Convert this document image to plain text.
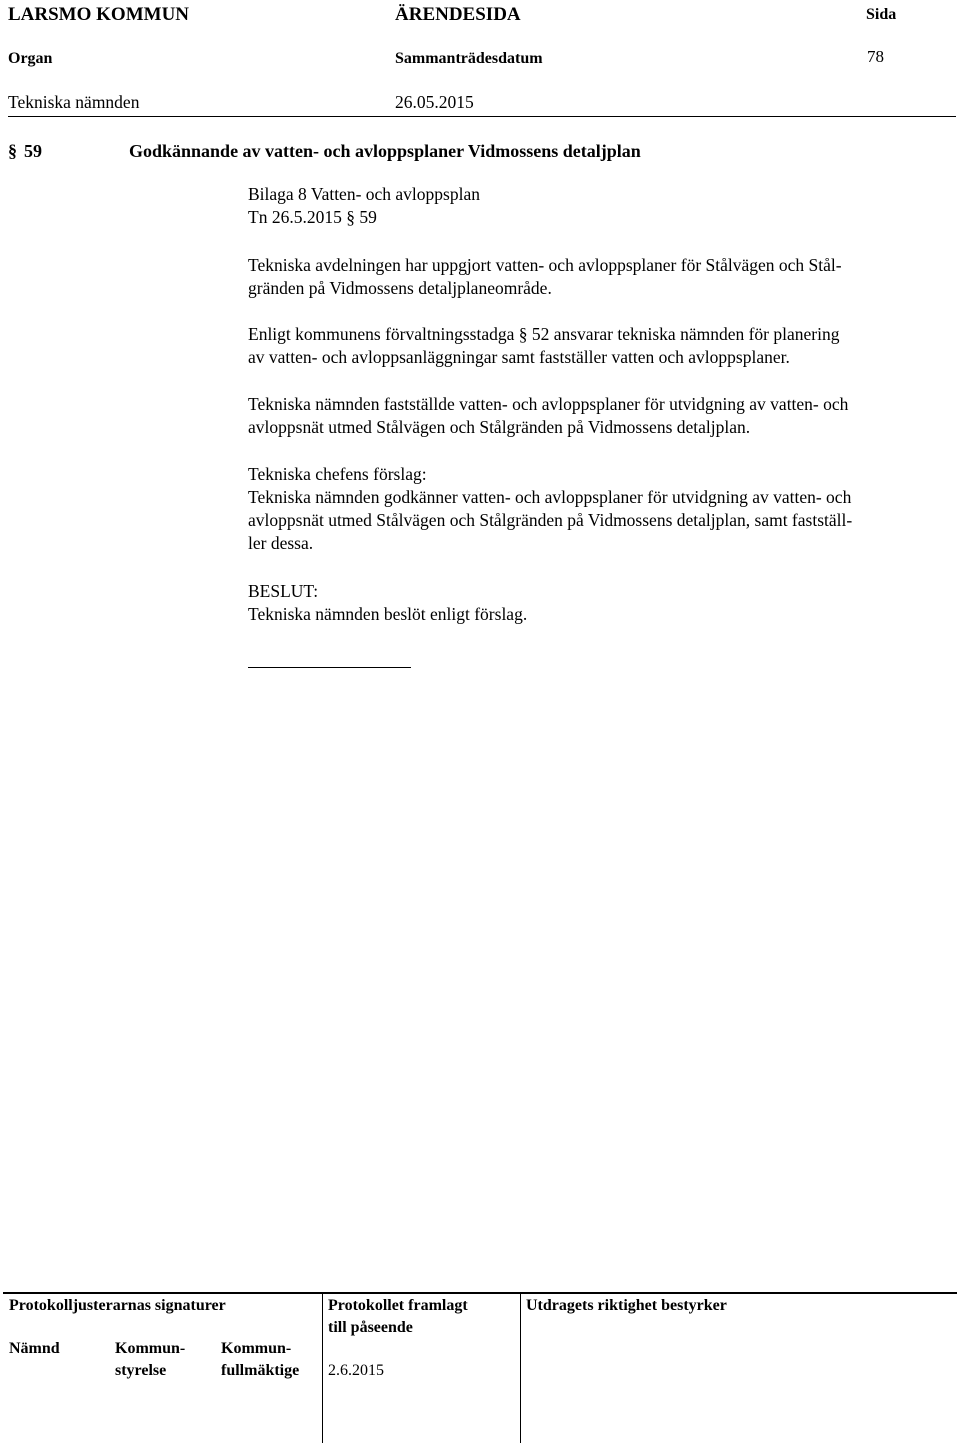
LARSMO KOMMUN	ÄRENDESIDA	Sida
78
Organ	Sammanträdesdatum
Tekniska nämnden	26.05.2015
§ 59	Godkännande av vatten- och avloppsplaner Vidmossens detaljplan
Bilaga 8 Vatten- och avloppsplan
Tn 26.5.2015 § 59
Tekniska avdelningen har uppgjort vatten- och avloppsplaner för Stålvägen och Stål-
gränden på Vidmossens detaljplaneområde.
Enligt kommunens förvaltningsstadga § 52 ansvarar tekniska nämnden för planering
av vatten- och avloppsanläggningar samt fastställer vatten och avloppsplaner.
Tekniska nämnden fastställde vatten- och avloppsplaner för utvidgning av vatten- och
avloppsnät utmed Stålvägen och Stålgränden på Vidmossens detaljplan.
Tekniska chefens förslag:
Tekniska nämnden godkänner vatten- och avloppsplaner för utvidgning av vatten- och
avloppsnät utmed Stålvägen och Stålgränden på Vidmossens detaljplan, samt fastställ-
ler dessa.
BESLUT:
Tekniska nämnden beslöt enligt förslag.
Protokolljusterarnas signaturer
Nämnd	Kommun-
styrelse
Kommun-
fullmäktige
Protokollet framlagt
till påseende
2.6.2015
Utdragets riktighet bestyrker
